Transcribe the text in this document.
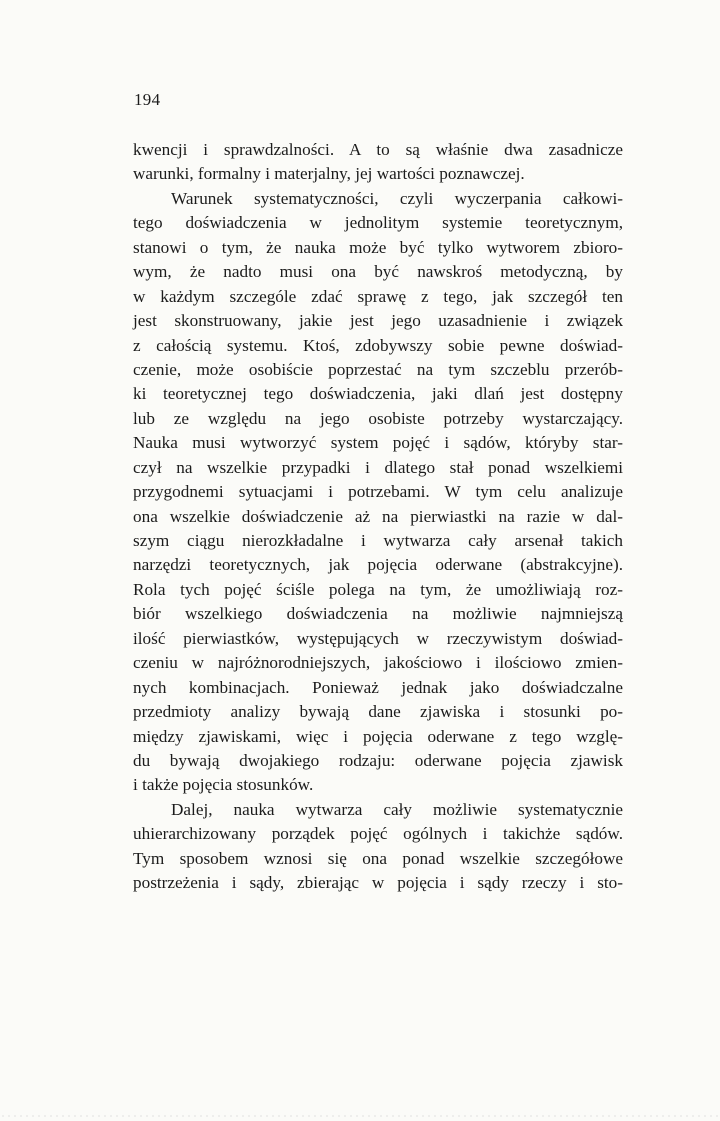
194
kwencji i sprawdzalności. A to są właśnie dwa zasadnicze
warunki, formalny i materjalny, jej wartości poznawczej.
Warunek systematyczności, czyli wyczerpania całkowi-
tego doświadczenia w jednolitym systemie teoretycznym,
stanowi o tym, że nauka może być tylko wytworem zbioro-
wym, że nadto musi ona być nawskroś metodyczną, by
w każdym szczególe zdać sprawę z tego, jak szczegół ten
jest skonstruowany, jakie jest jego uzasadnienie i związek
z całością systemu. Ktoś, zdobywszy sobie pewne doświad-
czenie, może osobiście poprzestać na tym szczeblu przerób-
ki teoretycznej tego doświadczenia, jaki dlań jest dostępny
lub ze względu na jego osobiste potrzeby wystarczający.
Nauka musi wytworzyć system pojęć i sądów, któryby star-
czył na wszelkie przypadki i dlatego stał ponad wszelkiemi
przygodnemi sytuacjami i potrzebami. W tym celu analizuje
ona wszelkie doświadczenie aż na pierwiastki na razie w dal-
szym ciągu nierozkładalne i wytwarza cały arsenał takich
narzędzi teoretycznych, jak pojęcia oderwane (abstrakcyjne).
Rola tych pojęć ściśle polega na tym, że umożliwiają roz-
biór wszelkiego doświadczenia na możliwie najmniejszą
ilość pierwiastków, występujących w rzeczywistym doświad-
czeniu w najróżnorodniejszych, jakościowo i ilościowo zmien-
nych kombinacjach. Ponieważ jednak jako doświadczalne
przedmioty analizy bywają dane zjawiska i stosunki po-
między zjawiskami, więc i pojęcia oderwane z tego wzglę-
du bywają dwojakiego rodzaju: oderwane pojęcia zjawisk
i także pojęcia stosunków.
Dalej, nauka wytwarza cały możliwie systematycznie
uhierarchizowany porządek pojęć ogólnych i takichże sądów.
Tym sposobem wznosi się ona ponad wszelkie szczegółowe
postrzeżenia i sądy, zbierając w pojęcia i sądy rzeczy i sto-
